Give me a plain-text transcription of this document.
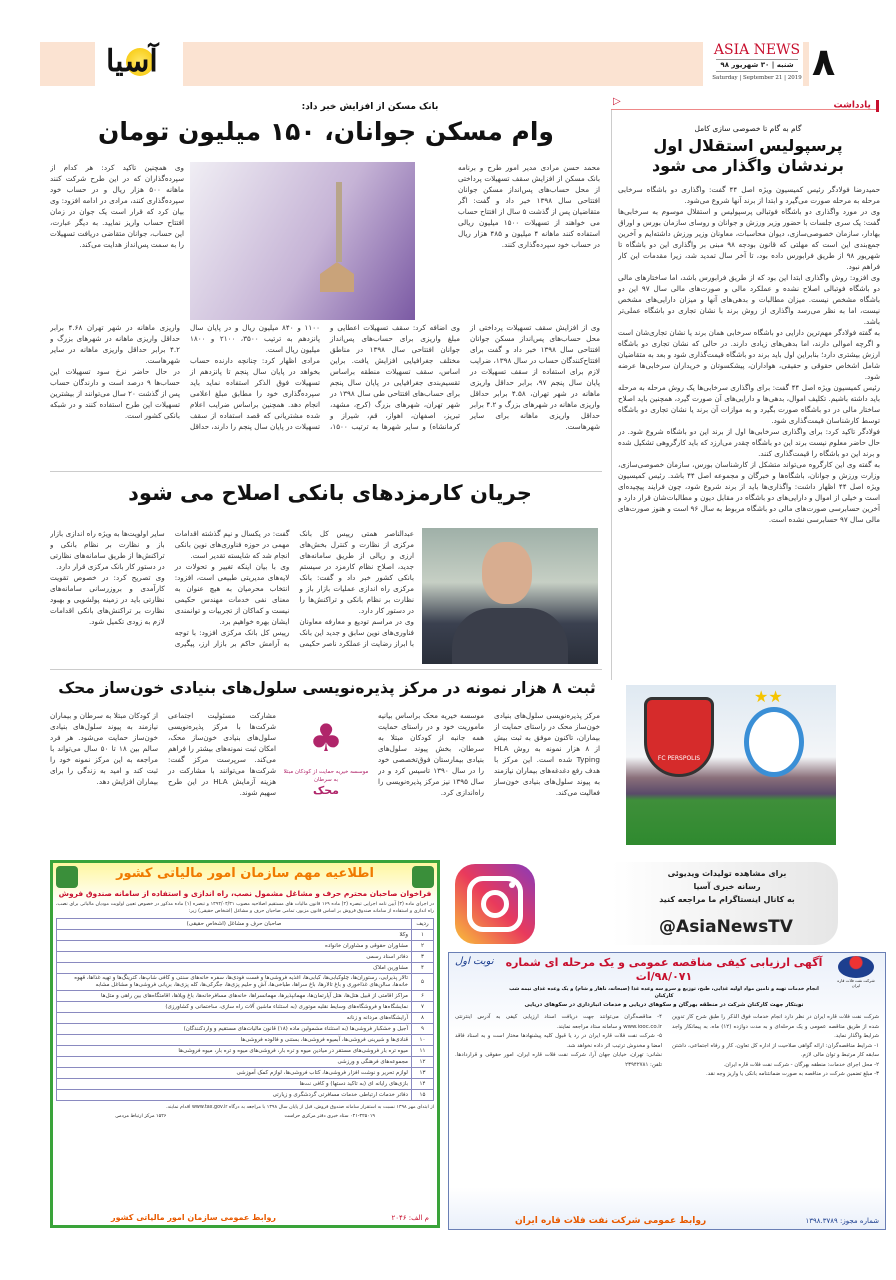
آسیا	ASIA NEWS
شنبه | ۳۰ شهریور ۹۸
Saturday | September 21 | 2019 ۸
یادداشت
▷
گام به گام تا خصوصی سازی کامل
پرسپولیس استقلال اول برندشان واگذار می شود

حمیدرضا فولادگر رئیس کمیسیون ویژه اصل ۴۴ گفت: واگذاری دو باشگاه سرخابی مرحله به مرحله صورت می‌گیرد و ابتدا از برند آنها شروع می‌شود.

وی در مورد واگذاری دو باشگاه فوتبالی پرسپولیس و استقلال موسوم به سرخابی‌ها گفت: یک سری جلسات با حضور وزیر ورزش و جوانان و روسای سازمان بورس و اوراق بهادار، سازمان خصوصی‌سازی، دیوان محاسبات، معاونان وزیر ورزش داشته‌ایم و آخرین جمع‌بندی این است که مهلتی که قانون بودجه ۹۸ مبنی بر واگذاری این دو باشگاه تا شهریور ۹۸ از طریق فرابورس داده بود، تا آخر سال تمدید شد، زیرا مقدمات این کار فراهم نبود.

وی افزود: روش واگذاری ابتدا این بود که از طریق فرابورس باشد، اما ساختارهای مالی دو باشگاه فوتبالی اصلاح نشده و عملکرد مالی و صورت‌های مالی سال ۹۷ این دو باشگاه مشخص نیست. میزان مطالبات و بدهی‌های آنها و میزان دارایی‌های مشخص نیست، اما به نظر می‌رسد واگذاری از روش برند با نشان تجاری دو باشگاه عملی‌تر باشد.

به گفته فولادگر مهم‌ترین دارایی دو باشگاه سرخابی همان برند یا نشان تجاری‌شان است و اگرچه اموالی دارند، اما بدهی‌های زیادی دارند. در حالی که نشان تجاری دو باشگاه ارزش بیشتری دارد؛ بنابراین اول باید برند دو باشگاه قیمت‌گذاری شود و بعد به متقاضیان شامل اشخاص حقوقی و حقیقی، هواداران، پیشکسوتان و خریداران سرخابی‌ها عرضه شود.

رئیس کمیسیون ویژه اصل ۴۴ گفت: برای واگذاری سرخابی‌ها یک روش مرحله به مرحله باید داشته باشیم. تکلیف اموال، بدهی‌ها و دارایی‌های آن صورت گیرد، همچنین باید اصلاح ساختار مالی در دو باشگاه صورت بگیرد و به موازات آن برند یا نشان تجاری دو باشگاه توسط کارشناسان قیمت‌گذاری شود.

فولادگر تاکید کرد: برای واگذاری سرخابی‌ها اول از برند این دو باشگاه شروع شود. در حال حاضر معلوم نیست برند این دو باشگاه چقدر می‌ارزد که باید کارگروهی تشکیل شده و برند این دو باشگاه را قیمت‌گذاری کنند.

به گفته وی این کارگروه می‌تواند متشکل از کارشناسان بورس، سازمان خصوصی‌سازی، وزارت ورزش و جوانان، باشگاه‌ها و خبرگان و مجموعه اصل ۴۴ باشد. رئیس کمیسیون ویژه اصل ۴۴ اظهار داشت: واگذاری‌ها باید از برند شروع شود، چون فرایند پیچیده‌ای است و خیلی از اموال و دارایی‌های دو باشگاه در مقابل دیون و مطالبات‌شان قرار دارد و آخرین حسابرسی صورت‌های مالی دو باشگاه مربوط به سال ۹۶ است و هنوز صورت‌های مالی سال ۹۷ حسابرسی نشده است.

FC PERSPOLIS
★★
برای مشاهده تولیدات ویدیوئی
رسانه خبری آسیا
به کانال اینستاگرام ما مراجعه کنید
@AsiaNewsTV
شرکت نفت فلات قاره ایران
آگهی ارزیابی کیفی مناقصه عمومی و یک مرحله ای شماره ۹۸/۰۷۱/ات
انجام خدمات تهیه و تامین مواد اولیه غذایی، طبخ، توزیع و سرو سه وعده غذا (صبحانه، ناهار و شام) و یک وعده غذای نیمه شب کارکنان
نوبتکار جهت کارکنان شرکت در منطقه بهرگان و سکوهای دریایی و خدمات انبارداری در سکوهای دریایی
نوبت اول

شرکت نفت فلات قاره ایران در نظر دارد انجام خدمات فوق الذکر را طبق شرح کار تدوین شده از طریق مناقصه عمومی و یک مرحله‌ای و به مدت دوازده (۱۲) ماه، به پیمانکار واجد شرایط واگذار نماید.

۱- شرایط مناقصه‌گران: ارائه گواهی صلاحیت از اداره کل تعاون، کار و رفاه اجتماعی، داشتن سابقه کار مرتبط و توان مالی لازم.

۲- محل اجرای خدمات: منطقه بهرگان - شرکت نفت فلات قاره ایران.

۳- مبلغ تضمین شرکت در مناقصه به صورت ضمانتنامه بانکی یا واریز وجه نقد.

۴- مناقصه‌گران می‌توانند جهت دریافت اسناد ارزیابی کیفی به آدرس اینترنتی www.iooc.co.ir و سامانه ستاد مراجعه نمایند.

۵- شرکت نفت فلات قاره ایران در رد یا قبول کلیه پیشنهادها مختار است و به اسناد فاقد امضا و مخدوش ترتیب اثر داده نخواهد شد.

نشانی: تهران، خیابان جهان آرا، شرکت نفت فلات قاره ایران، امور حقوقی و قراردادها. تلفن: ۲۳۹۴۲۷۸۱

شماره مجوز: ۱۳۹۸.۳۷۸۹
روابط عمومی شرکت نفت فلات قاره ایران
اطلاعیه مهم سازمان امور مالیاتی کشور
فراخوان صاحبان محترم حرف و مشاغل مشمول نصب، راه اندازی و استفاده از سامانه صندوق فروش
در اجرای ماده (۴) آیین نامه اجرایی تبصره (۲) ماده ۱۶۹ قانون مالیات های مستقیم اصلاحیه مصوب ۱۳۹۴/۰۴/۳۱ و تبصره (۱) ماده مذکور در خصوص تعیین اولویت مودیان مالیاتی برای نصب، راه اندازی و استفاده از سامانه صندوق فروش بر اساس قانون مزبور، تمامی صاحبان حرف و مشاغل (اشخاص حقیقی) زیر:
ردیف	صاحبان حرف و مشاغل (اشخاص حقیقی)
۱	وکلا
۲	مشاوران حقوقی و مشاوران خانواده
۳	دفاتر اسناد رسمی
۴	مشاورین املاک
۵	تالار پذیرایی، رستوران‌ها، چلوکبابی‌ها، کبابی‌ها، اغذیه فروشی‌ها و فست فودی‌ها، سفره خانه‌های سنتی و کافی شاپ‌ها، کترینگ‌ها و تهیه غذاها، قهوه خانه‌ها، سالن‌های غذاخوری و باغ تالارها، باغ سراها، طباخی‌ها، آش و حلیم پزی‌ها، جگرکی‌ها، کله پزی‌ها، بریانی فروشی‌ها و مشاغل مشابه
۶	مراکز اقامتی از قبیل هتل‌ها، هتل آپارتمان‌ها، مهمانپذیرها، مهمانسراها، خانه‌های مسافرخانه‌ها، باغ ویلاها، اقامتگاه‌های بین راهی و متل‌ها
۷	نمایشگاه‌ها و فروشگاه‌های وسایط نقلیه موتوری (به استثناء ماشین آلات راه سازی، ساختمانی و کشاورزی)
۸	آرایشگاه‌های مردانه و زنانه
۹	آجیل و خشکبار فروشی‌ها (به استثناء مشمولین ماده (۱۸) قانون مالیات‌های مستقیم و واردکنندگان)
۱۰	قنادی‌ها و شیرینی فروشی‌ها، آبمیوه فروشی‌ها، بستنی و فالوده فروشی‌ها
۱۱	میوه تره بار فروشی‌های مستقر در میادین میوه و تره بار، فروشی‌های میوه و تره بار، میوه فروشی‌ها
۱۲	مجموعه‌های فرهنگی و ورزشی
۱۳	لوازم تحریر و نوشت افزار فروشی‌ها، کتاب فروشی‌ها، لوازم کمک آموزشی
۱۴	بازی‌های رایانه ای (به تاکید دستها) و کافی نت‌ها
۱۵	دفاتر خدمات ارتباطی خدمات مسافرتی گردشگری و زیارتی
از ابتدای مهر ۱۳۹۸ نسبت به استقرار سامانه صندوق فروش، قبل از پایان سال ۱۳۹۸ با مراجعه به درگاه www.tax.gov.ir اقدام نمایند.
۰۲۱-۴۲۵۰۱۹ ستاد خبری دفتر مرکزی حراست
۱۵۲۶ مرکز ارتباط مردمی
م الف: ۲۰۴۶
روابط عمومی سازمان امور مالیاتی کشور
بانک مسکن از افزایش خبر داد:
وام مسکن جوانان، ۱۵۰ میلیون تومان

محمد حسن مرادی مدیر امور طرح و برنامه بانک مسکن از افزایش سقف تسهیلات پرداختی از محل حساب‌های پس‌انداز مسکن جوانان افتتاحی سال ۱۳۹۸ خبر داد و گفت: اگر متقاضیان پس از گذشت ۵ سال از افتتاح حساب می خواهند از تسهیلات ۱۵۰۰ میلیون ریالی استفاده کنند ماهانه ۴ میلیون و ۴۸۵ هزار ریال در حساب خود سپرده‌گذاری کنند.

وی همچنین تاکید کرد: هر کدام از سپرده‌گذاران که در این طرح شرکت کنند ماهانه ۵۰۰ هزار ریال و در حساب خود سپرده‌گذاری کنند، مرادی در ادامه افزود: وی بیان کرد که قرار است یک جوان در زمان افتتاح حساب واریز نمایید. به دیگر عبارت، این حساب، جوانان متقاضی دریافت تسهیلات را به سمت پس‌انداز هدایت می‌کند.

وی از افزایش سقف تسهیلات پرداختی از محل حساب‌های پس‌انداز مسکن جوانان افتتاحی سال ۱۳۹۸ خبر داد و گفت برای افتتاح‌کنندگان حساب در سال ۱۳۹۸، ضرایب لازم برای استفاده از سقف تسهیلات در پایان سال پنجم ۹۷، برابر حداقل واریزی ماهانه در شهر تهران، ۴.۵۸ برابر حداقل واریزی ماهانه در شهرهای بزرگ و ۴.۲ برابر حداقل واریزی ماهانه برای سایر شهرهاست.

وی اضافه کرد: سقف تسهیلات اعطایی و مبلغ واریزی برای حساب‌های پس‌انداز جوانان افتتاحی سال ۱۳۹۸ در مناطق مختلف جغرافیایی افزایش یافت. براین اساس، سقف تسهیلات منطقه براساس تقسیم‌بندی جغرافیایی در پایان سال پنجم برای حساب‌های افتتاحی طی سال ۱۳۹۸ در شهر تهران، شهرهای بزرگ (کرج، مشهد، تبریز، اصفهان، اهواز، قم، شیراز و کرمانشاه) و سایر شهرها به ترتیب ۱۵۰۰، ۱۱۰۰ و ۸۴۰ میلیون ریال و در پایان سال پانزدهم به ترتیب ۳۵۰۰، ۲۱۰۰ و ۱۸۰۰ میلیون ریال است.

مرادی اظهار کرد: چنانچه دارنده حساب بخواهد در پایان سال پنجم تا پانزدهم از تسهیلات فوق الذکر استفاده نماید باید سپرده‌گذاری خود را مطابق مبلغ اعلامی انجام دهد. همچنین براساس ضرایب اعلام شده مشتریانی که قصد استفاده از سقف تسهیلات در پایان سال پنجم را دارند، حداقل واریزی ماهانه در شهر تهران ۴.۶۸ برابر حداقل واریزی ماهانه در شهرهای بزرگ و ۴.۲ برابر حداقل واریزی ماهانه در سایر شهرهاست.

در حال حاضر نرخ سود تسهیلات این حساب‌ها ۹ درصد است و دارندگان حساب پس از گذشت ۲۰ سال می‌توانند از بیشترین تسهیلات این طرح استفاده کنند و در شبکه بانکی کشور است.

جریان کارمزدهای بانکی اصلاح می شود

عبدالناصر همتی رییس کل بانک مرکزی از نظارت و کنترل بخش‌های ارزی و ریالی از طریق سامانه‌های جدید، اصلاح نظام کارمزد در سیستم بانکی کشور خبر داد و گفت: بانک مرکزی راه اندازی عملیات بازار باز و نظارت بر نظام بانکی و تراکنش‌ها را در دستور کار دارد.

وی در مراسم تودیع و معارفه معاونان فناوری‌های نوین سابق و جدید این بانک با ابراز رضایت از عملکرد ناصر حکیمی گفت: در یکسال و نیم گذشته اقدامات مهمی در حوزه فناوری‌های نوین بانکی انجام شد که شایسته تقدیر است.

وی با بیان اینکه تغییر و تحولات در لایه‌های مدیریتی طبیعی است، افزود: انتخاب محرمیان به هیچ عنوان به معنای نفی خدمات مهندس حکیمی نیست و کماکان از تجربیات و توانمندی ایشان بهره خواهیم برد.

رییس کل بانک مرکزی افزود: با توجه به آرامش حاکم بر بازار ارز، پیگیری سایر اولویت‌ها به ویژه راه اندازی بازار باز و نظارت بر نظام بانکی و تراکنش‌ها از طریق سامانه‌های نظارتی در دستور کار بانک مرکزی قرار دارد.

وی تصریح کرد: در خصوص تقویت کارآمدی و بروزرسانی سامانه‌های نظارتی باید در زمینه پولشویی و بهبود نظارت بر تراکنش‌های بانکی اقدامات لازم به زودی تکمیل شود.

ثبت ۸ هزار نمونه در مرکز پذیره‌نویسی سلول‌های بنیادی خون‌ساز محک

مرکز پذیره‌نویسی سلول‌های بنیادی خون‌ساز محک در راستای حمایت از بیماران، تاکنون موفق به ثبت بیش از ۸ هزار نمونه به روش HLA Typing شده است. این مرکز با هدف رفع دغدغه‌های بیماران نیازمند به پیوند سلول‌های بنیادی خون‌ساز فعالیت می‌کند.

موسسه خیریه محک براساس بیانیه ماموریت خود و در راستای حمایت همه جانبه از کودکان مبتلا به سرطان، بخش پیوند سلول‌های بنیادی بیمارستان فوق‌تخصصی خود را در سال ۱۳۹۰ تاسیس کرد و در سال ۱۳۹۵ نیز مرکز پذیره‌نویسی را راه‌اندازی کرد.

♣
موسسه خیریه حمایت از کودکان مبتلا به سرطان
محک

مشارکت مسئولیت اجتماعی شرکت‌ها با مرکز پذیره‌نویسی سلول‌های بنیادی خون‌ساز محک، امکان ثبت نمونه‌های بیشتر را فراهم می‌کند. سرپرست مرکز گفت: شرکت‌ها می‌توانند با مشارکت در هزینه آزمایش HLA در این طرح سهیم شوند.

از کودکان مبتلا به سرطان و بیماران نیازمند به پیوند سلول‌های بنیادی خون‌ساز حمایت می‌شود. هر فرد سالم بین ۱۸ تا ۵۰ سال می‌تواند با مراجعه به این مرکز نمونه خود را ثبت کند و امید به زندگی را برای بیماران افزایش دهد.
